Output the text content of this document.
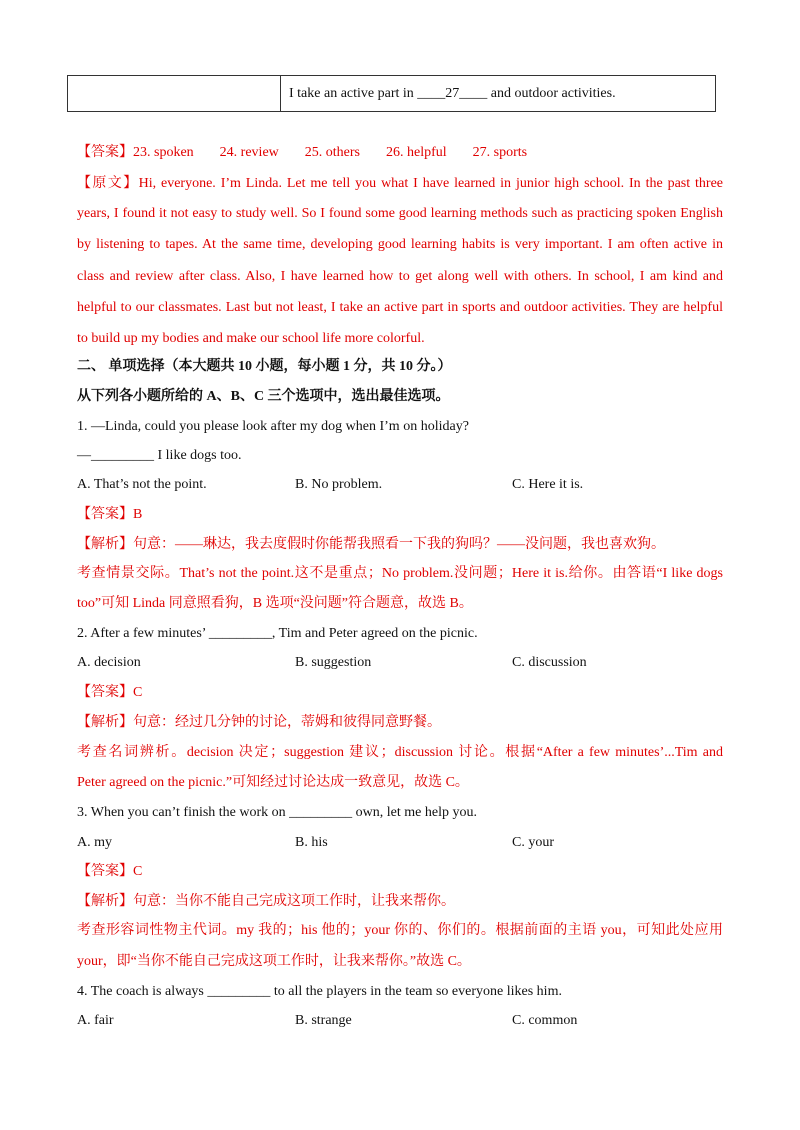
	I take an active part in ____27____ and outdoor activities.
【答案】23. spoken 24. review 25. others 26. helpful 27. sports
【原文】Hi, everyone. I’m Linda. Let me tell you what I have learned in junior high school. In the past three
years, I found it not easy to study well. So I found some good learning methods such as practicing spoken English
by listening to tapes. At the same time, developing good learning habits is very important. I am often active in
class and review after class. Also, I have learned how to get along well with others. In school, I am kind and
helpful to our classmates. Last but not least, I take an active part in sports and outdoor activities. They are helpful
to build up my bodies and make our school life more colorful.
二、 单项选择（本大题共 10 小题，每小题 1 分，共 10 分。）
从下列各小题所给的 A、B、C 三个选项中，选出最佳选项。
1. —Linda, could you please look after my dog when I’m on holiday?
—_________ I like dogs too.
A. That’s not the point.	B. No problem.	C. Here it is.
【答案】B
【解析】句意：——琳达，我去度假时你能帮我照看一下我的狗吗？——没问题，我也喜欢狗。
考查情景交际。That’s not the point.这不是重点；No problem.没问题；Here it is.给你。由答语“I like dogs
too”可知 Linda 同意照看狗，B 选项“没问题”符合题意，故选 B。
2. After a few minutes’ _________, Tim and Peter agreed on the picnic.
A. decision	B. suggestion	C. discussion
【答案】C
【解析】句意：经过几分钟的讨论，蒂姆和彼得同意野餐。
考查名词辨析。decision 决定；suggestion 建议；discussion 讨论。根据“After a few minutes’...Tim and
Peter agreed on the picnic.”可知经过讨论达成一致意见，故选 C。
3. When you can’t finish the work on _________ own, let me help you.
A. my	B. his	C. your
【答案】C
【解析】句意：当你不能自己完成这项工作时，让我来帮你。
考查形容词性物主代词。my 我的；his 他的；your 你的、你们的。根据前面的主语 you，可知此处应用
your，即“当你不能自己完成这项工作时，让我来帮你。”故选 C。
4. The coach is always _________ to all the players in the team so everyone likes him.
A. fair	B. strange	C. common
